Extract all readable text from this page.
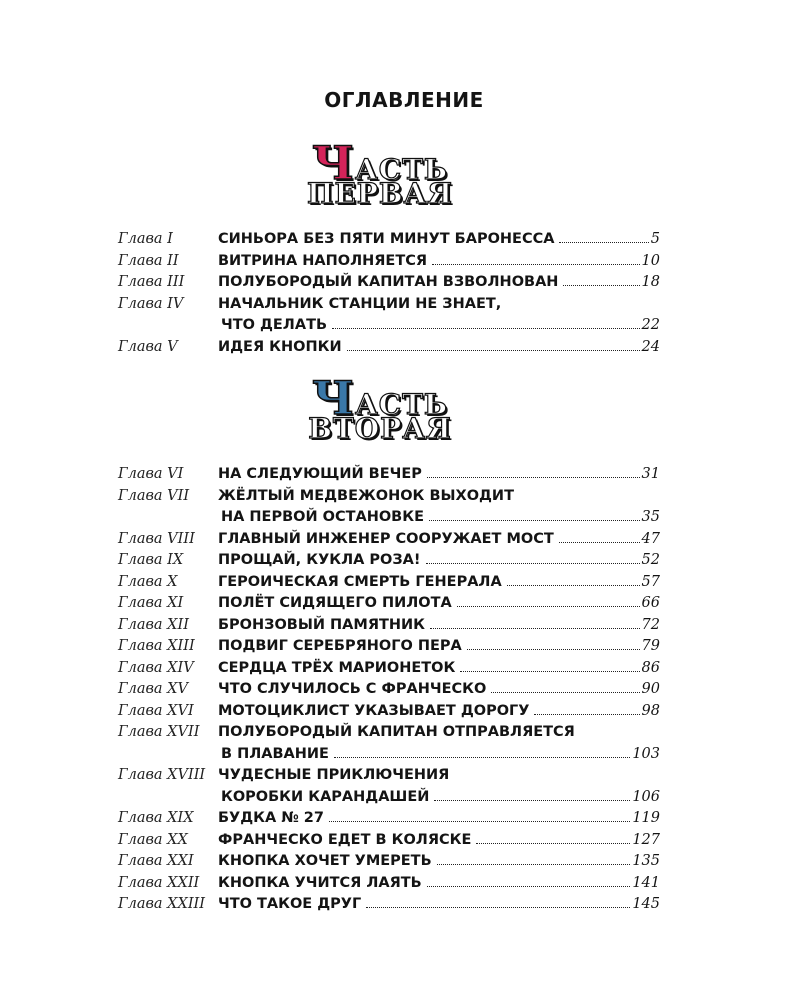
ОГЛАВЛЕНИЕ
ЧАСТЬ
ПЕРВАЯ
Глава I	СИНЬОРА БЕЗ ПЯТИ МИНУТ БАРОНЕССА	5
Глава II	ВИТРИНА НАПОЛНЯЕТСЯ	10
Глава III	ПОЛУБОРОДЫЙ КАПИТАН ВЗВОЛНОВАН	18
Глава IV	НАЧАЛЬНИК СТАНЦИИ НЕ ЗНАЕТ,
ЧТО ДЕЛАТЬ	22
Глава V	ИДЕЯ КНОПКИ	24
ЧАСТЬ
ВТОРАЯ
Глава VI	НА СЛЕДУЮЩИЙ ВЕЧЕР	31
Глава VII	ЖЁЛТЫЙ МЕДВЕЖОНОК ВЫХОДИТ
НА ПЕРВОЙ ОСТАНОВКЕ	35
Глава VIII	ГЛАВНЫЙ ИНЖЕНЕР СООРУЖАЕТ МОСТ	47
Глава IX	ПРОЩАЙ, КУКЛА РОЗА!	52
Глава X	ГЕРОИЧЕСКАЯ СМЕРТЬ ГЕНЕРАЛА	57
Глава XI	ПОЛЁТ СИДЯЩЕГО ПИЛОТА	66
Глава XII	БРОНЗОВЫЙ ПАМЯТНИК	72
Глава XIII	ПОДВИГ СЕРЕБРЯНОГО ПЕРА	79
Глава XIV	СЕРДЦА ТРЁХ МАРИОНЕТОК	86
Глава XV	ЧТО СЛУЧИЛОСЬ С ФРАНЧЕСКО	90
Глава XVI	МОТОЦИКЛИСТ УКАЗЫВАЕТ ДОРОГУ	98
Глава XVII	ПОЛУБОРОДЫЙ КАПИТАН ОТПРАВЛЯЕТСЯ
В ПЛАВАНИЕ	103
Глава XVIII ЧУДЕСНЫЕ ПРИКЛЮЧЕНИЯ
КОРОБКИ КАРАНДАШЕЙ	106
Глава XIX	БУДКА № 27	119
Глава XX	ФРАНЧЕСКО ЕДЕТ В КОЛЯСКЕ	127
Глава XXI	КНОПКА ХОЧЕТ УМЕРЕТЬ	135
Глава XXII	КНОПКА УЧИТСЯ ЛАЯТЬ	141
Глава XXIII ЧТО ТАКОЕ ДРУГ	145
